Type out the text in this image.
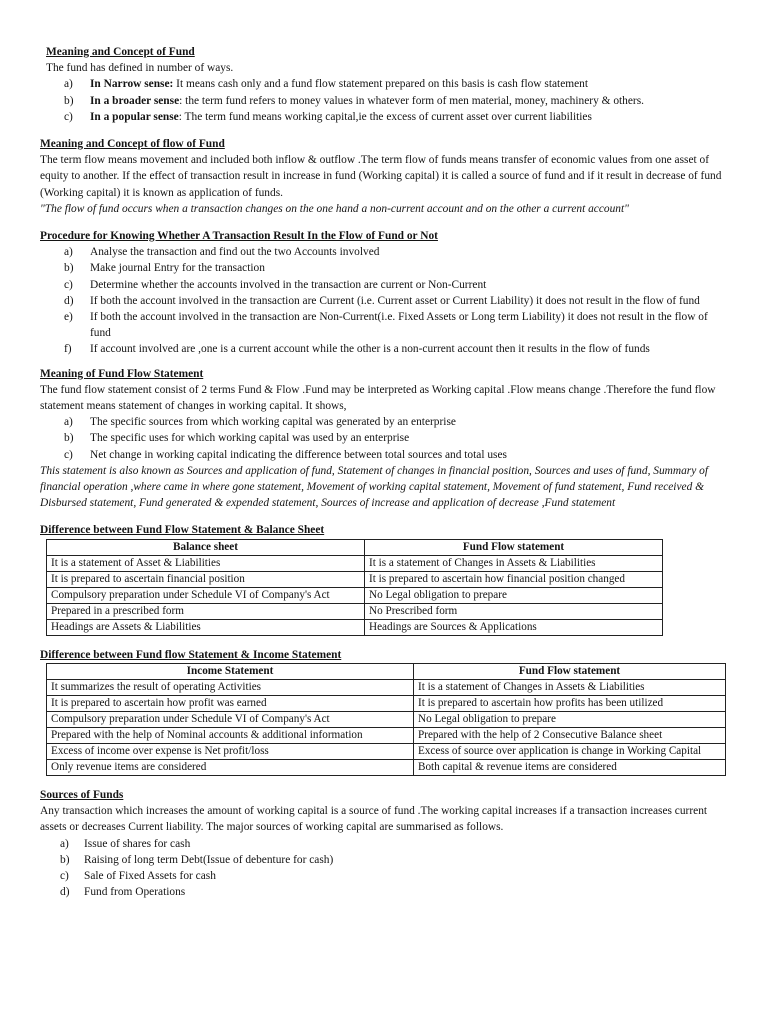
Meaning and Concept of Fund
The fund has defined in number of ways.
a) In Narrow sense: It means cash only and a fund flow statement prepared on this basis is cash flow statement
b) In a broader sense: the term fund refers to money values in whatever form of men material, money, machinery & others.
c) In a popular sense: The term fund means working capital,ie the excess of current asset over current liabilities
Meaning and Concept of flow of Fund

The term flow means movement and included both inflow & outflow .The term flow of funds means transfer of economic values from one asset of equity to another. If the effect of transaction result in increase in fund (Working capital) it is called a source of fund and if it result in decrease of fund (Working capital) it is known as application of funds.

"The flow of fund occurs when a transaction changes on the one hand a non-current account and on the other a current account"

Procedure for Knowing Whether A Transaction Result In the Flow of Fund or Not
a) Analyse the transaction and find out the two Accounts involved
b) Make journal Entry for the transaction
c) Determine whether the accounts involved in the transaction are current or Non-Current
d) If both the account involved in the transaction are Current (i.e. Current asset or Current Liability) it does not result in the flow of fund
e) If both the account involved in the transaction are Non-Current(i.e. Fixed Assets or Long term Liability) it does not result in the flow of fund
f) If account involved are ,one is a current account while the other is a non-current account then it results in the flow of funds
Meaning of Fund Flow Statement

The fund flow statement consist of 2 terms Fund & Flow .Fund may be interpreted as Working capital .Flow means change .Therefore the fund flow statement means statement of changes in working capital. It shows,

a) The specific sources from which working capital was generated by an enterprise
b) The specific uses for which working capital was used by an enterprise
c) Net change in working capital indicating the difference between total sources and total uses

This statement is also known as Sources and application of fund, Statement of changes in financial position, Sources and uses of fund, Summary of financial operation ,where came in where gone statement, Movement of working capital statement, Movement of fund statement, Fund received & Disbursed statement, Fund generated & expended statement, Sources of increase and application of decrease ,Fund statement

Difference between Fund Flow Statement & Balance Sheet
Balance sheet	Fund Flow statement
It is a statement of Asset & Liabilities	It is a statement of Changes in Assets & Liabilities
It is prepared to ascertain financial position	It is prepared to ascertain how financial position changed
Compulsory preparation under Schedule VI of Company's Act	No Legal obligation to prepare
Prepared in a prescribed form	No Prescribed form
Headings are Assets & Liabilities	Headings are Sources & Applications
Difference between Fund flow Statement & Income Statement
Income Statement	Fund Flow statement
It summarizes the result of operating Activities	It is a statement of Changes in Assets & Liabilities
It is prepared to ascertain how profit was earned	It is prepared to ascertain how profits has been utilized
Compulsory preparation under Schedule VI of Company's Act	No Legal obligation to prepare
Prepared with the help of Nominal accounts & additional information	Prepared with the help of 2 Consecutive Balance sheet
Excess of income over expense is Net profit/loss	Excess of source over application is change in Working Capital
Only revenue items are considered	Both capital & revenue items are considered
Sources of Funds

Any transaction which increases the amount of working capital is a source of fund .The working capital increases if a transaction increases current assets or decreases Current liability. The major sources of working capital are summarised as follows.

a) Issue of shares for cash
b) Raising of long term Debt(Issue of debenture for cash)
c) Sale of Fixed Assets for cash
d) Fund from Operations
